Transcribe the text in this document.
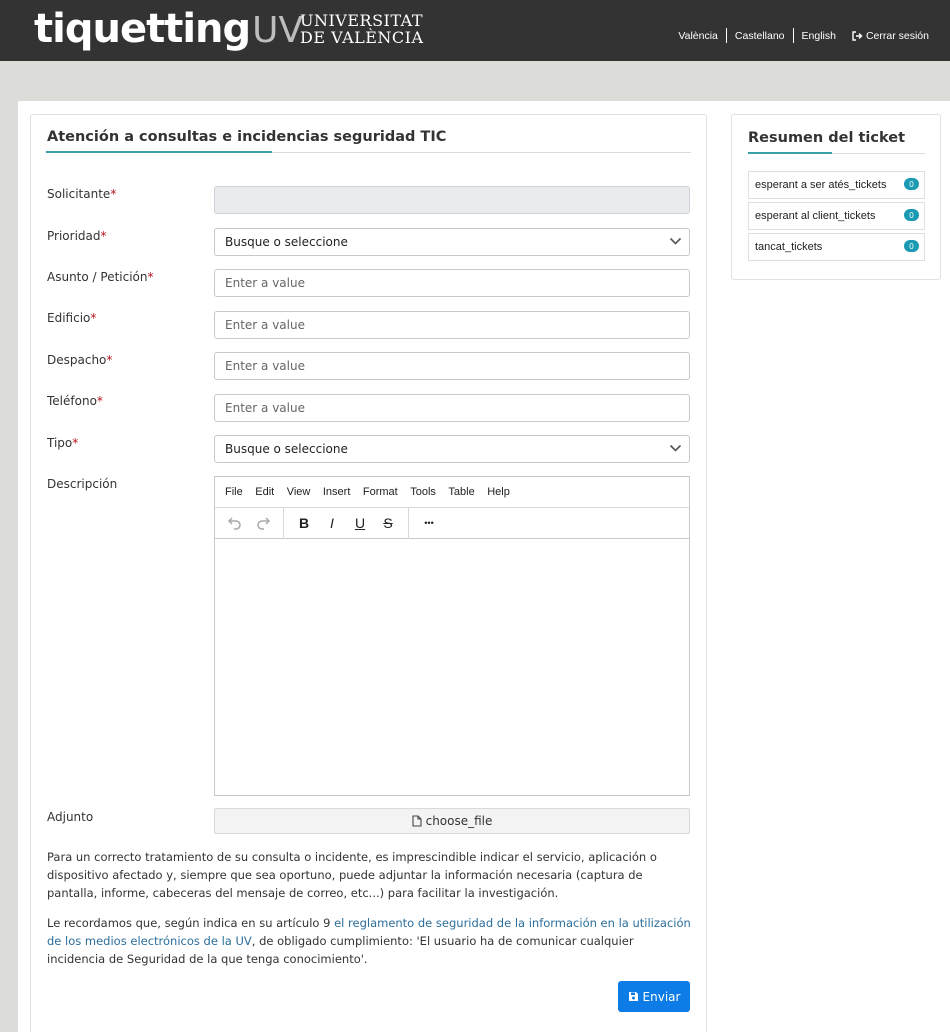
tiquetting UV
UNIVERSITAT
DE VALÈNCIA	València	Castellano	English	Cerrar sesión
Atención a consultas e incidencias seguridad TIC
Solicitante*
Prioridad*	Busque o seleccione
Asunto / Petición*	Enter a value
Edificio*	Enter a value
Despacho*	Enter a value
Teléfono*	Enter a value
Tipo*	Busque o seleccione
Descripción
File Edit View Insert Format Tools Table Help
B	I	U	S	•••
Adjunto	choose_file
Para un correcto tratamiento de su consulta o incidente, es imprescindible indicar el servicio, aplicación o dispositivo afectado y, siempre que sea oportuno, puede adjuntar la información necesaria (captura de pantalla, informe, cabeceras del mensaje de correo, etc...) para facilitar la investigación.
Le recordamos que, según indica en su artículo 9 el reglamento de seguridad de la información en la utilización de los medios electrónicos de la UV, de obligado cumplimiento: 'El usuario ha de comunicar cualquier incidencia de Seguridad de la que tenga conocimiento'.
Enviar
Resumen del ticket
esperant a ser atés_tickets	0
esperant al client_tickets	0
tancat_tickets	0
